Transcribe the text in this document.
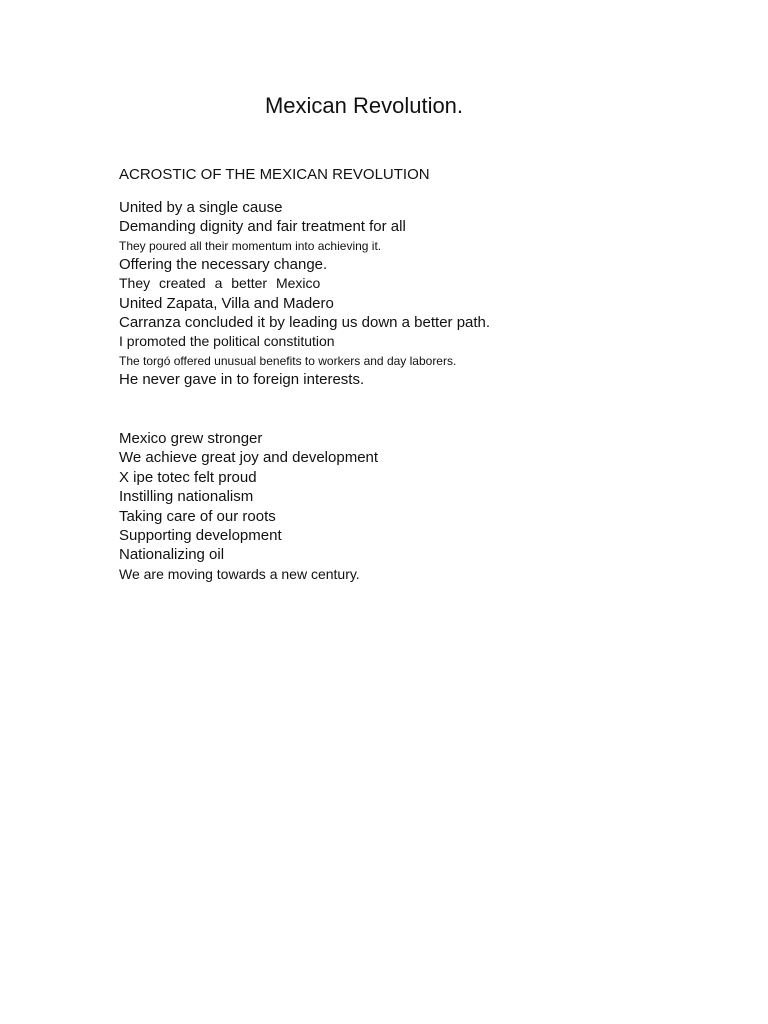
Mexican Revolution.

ACROSTIC OF THE MEXICAN REVOLUTION

United by a single cause
Demanding dignity and fair treatment for all
They poured all their momentum into achieving it.
Offering the necessary change.
They created a better Mexico
United Zapata, Villa and Madero
Carranza concluded it by leading us down a better path.
I promoted the political constitution
The torgó offered unusual benefits to workers and day laborers.
He never gave in to foreign interests.
Mexico grew stronger
We achieve great joy and development
X ipe totec felt proud
Instilling nationalism
Taking care of our roots
Supporting development
Nationalizing oil
We are moving towards a new century.
